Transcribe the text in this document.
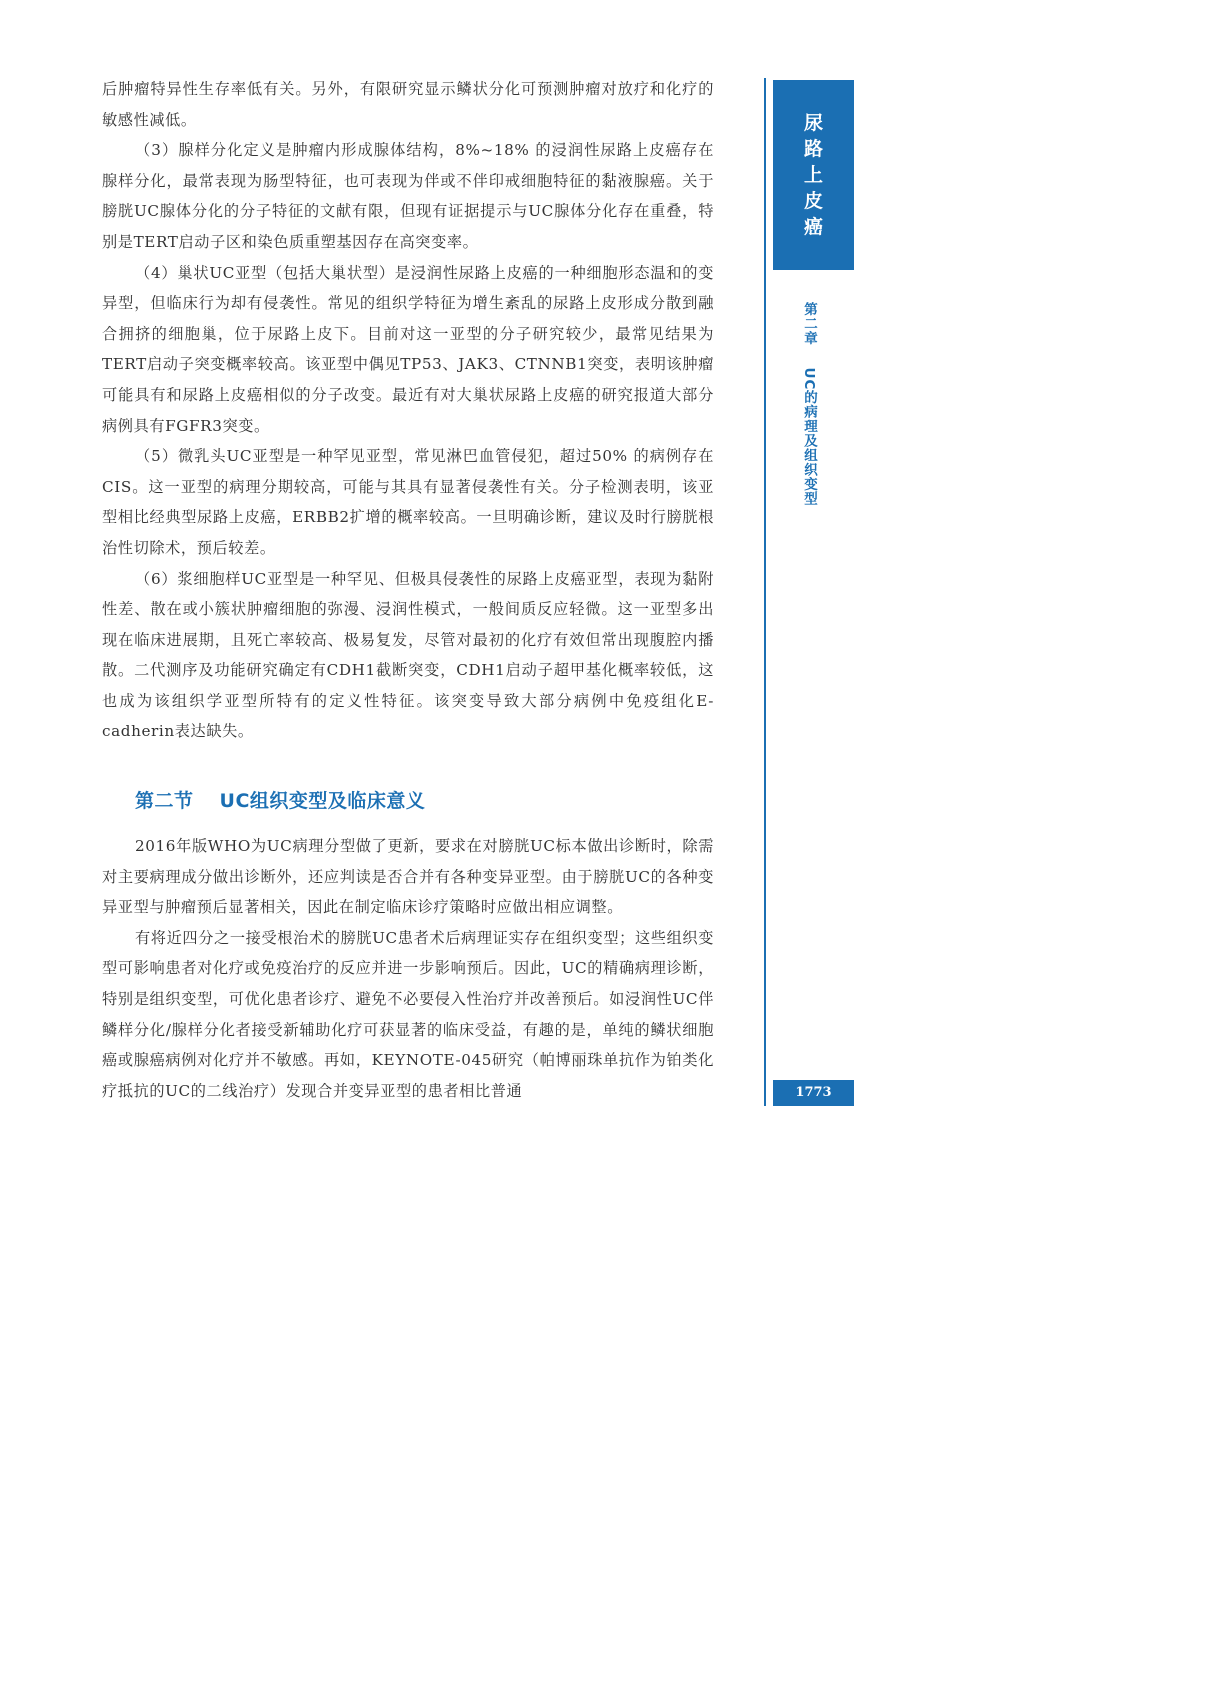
后肿瘤特异性生存率低有关。另外，有限研究显示鳞状分化可预测肿瘤对放疗和化疗的敏感性减低。

（3）腺样分化定义是肿瘤内形成腺体结构，8%~18% 的浸润性尿路上皮癌存在腺样分化，最常表现为肠型特征，也可表现为伴或不伴印戒细胞特征的黏液腺癌。关于膀胱UC腺体分化的分子特征的文献有限，但现有证据提示与UC腺体分化存在重叠，特别是TERT启动子区和染色质重塑基因存在高突变率。

（4）巢状UC亚型（包括大巢状型）是浸润性尿路上皮癌的一种细胞形态温和的变异型，但临床行为却有侵袭性。常见的组织学特征为增生紊乱的尿路上皮形成分散到融合拥挤的细胞巢，位于尿路上皮下。目前对这一亚型的分子研究较少，最常见结果为TERT启动子突变概率较高。该亚型中偶见TP53、JAK3、CTNNB1突变，表明该肿瘤可能具有和尿路上皮癌相似的分子改变。最近有对大巢状尿路上皮癌的研究报道大部分病例具有FGFR3突变。

（5）微乳头UC亚型是一种罕见亚型，常见淋巴血管侵犯，超过50% 的病例存在CIS。这一亚型的病理分期较高，可能与其具有显著侵袭性有关。分子检测表明，该亚型相比经典型尿路上皮癌，ERBB2扩增的概率较高。一旦明确诊断，建议及时行膀胱根治性切除术，预后较差。

（6）浆细胞样UC亚型是一种罕见、但极具侵袭性的尿路上皮癌亚型，表现为黏附性差、散在或小簇状肿瘤细胞的弥漫、浸润性模式，一般间质反应轻微。这一亚型多出现在临床进展期，且死亡率较高、极易复发，尽管对最初的化疗有效但常出现腹腔内播散。二代测序及功能研究确定有CDH1截断突变，CDH1启动子超甲基化概率较低，这也成为该组织学亚型所特有的定义性特征。该突变导致大部分病例中免疫组化E-cadherin表达缺失。

第二节 UC组织变型及临床意义

2016年版WHO为UC病理分型做了更新，要求在对膀胱UC标本做出诊断时，除需对主要病理成分做出诊断外，还应判读是否合并有各种变异亚型。由于膀胱UC的各种变异亚型与肿瘤预后显著相关，因此在制定临床诊疗策略时应做出相应调整。

有将近四分之一接受根治术的膀胱UC患者术后病理证实存在组织变型；这些组织变型可影响患者对化疗或免疫治疗的反应并进一步影响预后。因此，UC的精确病理诊断，特别是组织变型，可优化患者诊疗、避免不必要侵入性治疗并改善预后。如浸润性UC伴鳞样分化/腺样分化者接受新辅助化疗可获显著的临床受益，有趣的是，单纯的鳞状细胞癌或腺癌病例对化疗并不敏感。再如，KEYNOTE-045研究（帕博丽珠单抗作为铂类化疗抵抗的UC的二线治疗）发现合并变异亚型的患者相比普通

尿
路
上
皮
癌
第二章UC的病理及组织变型
1773
